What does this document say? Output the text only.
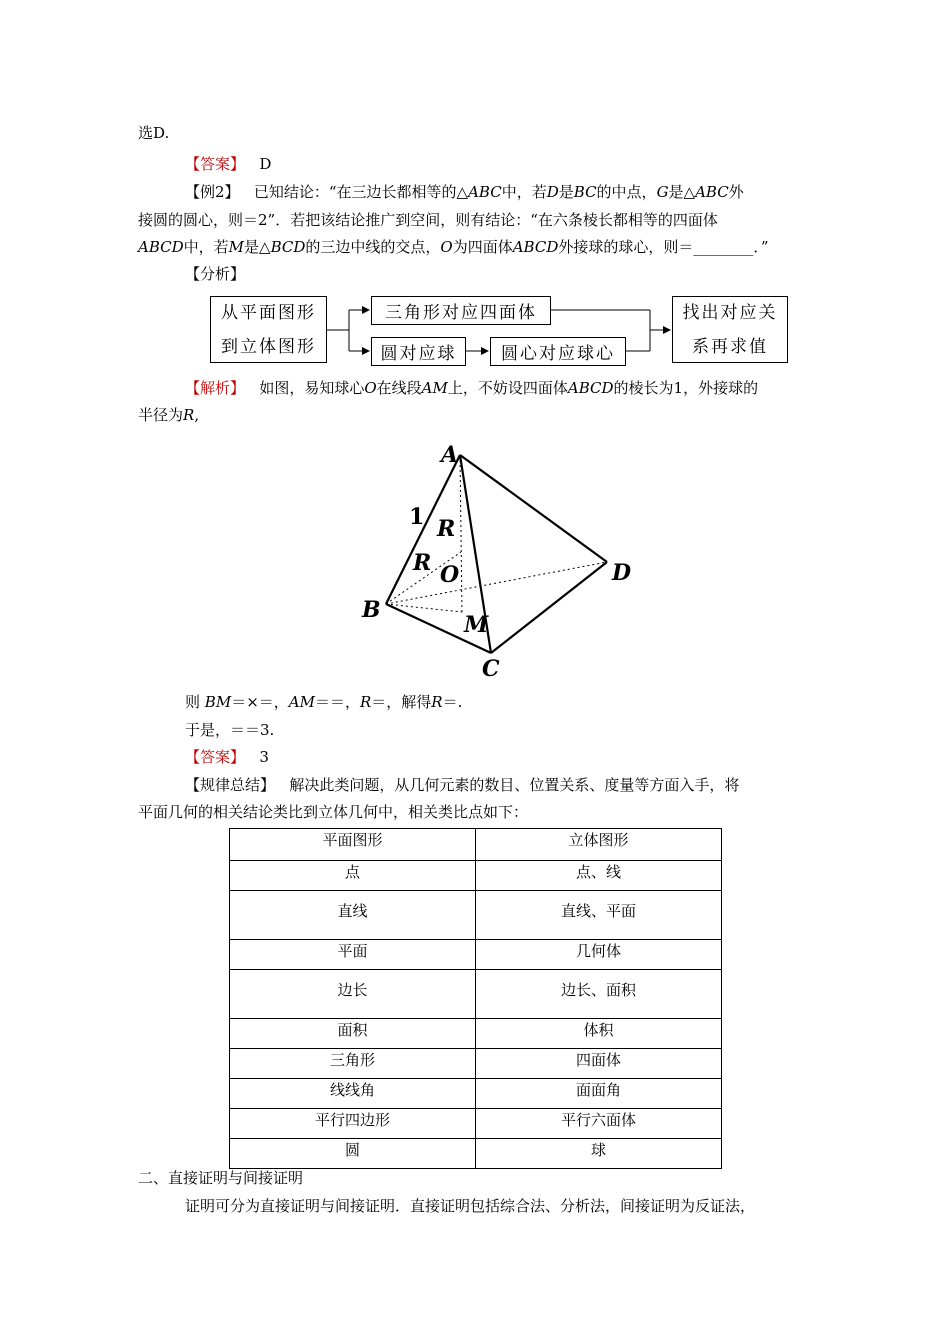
选D.
【答案】 D
【例2】 已知结论：“在三边长都相等的△ABC中，若D是BC的中点，G是△ABC外
接圆的圆心，则＝2”．若把该结论推广到空间，则有结论：“在六条棱长都相等的四面体
ABCD中，若M是△BCD的三边中线的交点，O为四面体ABCD外接球的球心，则＝________．”
【分析】
从平面图形
到立体图形
三角形对应四面体
圆对应球	圆心对应球心
找出对应关
系再求值
【解析】 如图，易知球心O在线段AM上，不妨设四面体ABCD的棱长为1，外接球的
半径为R,
A
B
C
D
M
O
R
R
1
则 BM＝×＝，AM＝＝，R＝，解得R＝.
于是，＝＝3.
【答案】 3
【规律总结】 解决此类问题，从几何元素的数目、位置关系、度量等方面入手，将
平面几何的相关结论类比到立体几何中，相关类比点如下：
平面图形	立体图形
点	点、线
直线	直线、平面
平面	几何体
边长	边长、面积
面积	体积
三角形	四面体
线线角	面面角
平行四边形	平行六面体
圆	球
二、直接证明与间接证明
证明可分为直接证明与间接证明．直接证明包括综合法、分析法，间接证明为反证法，
